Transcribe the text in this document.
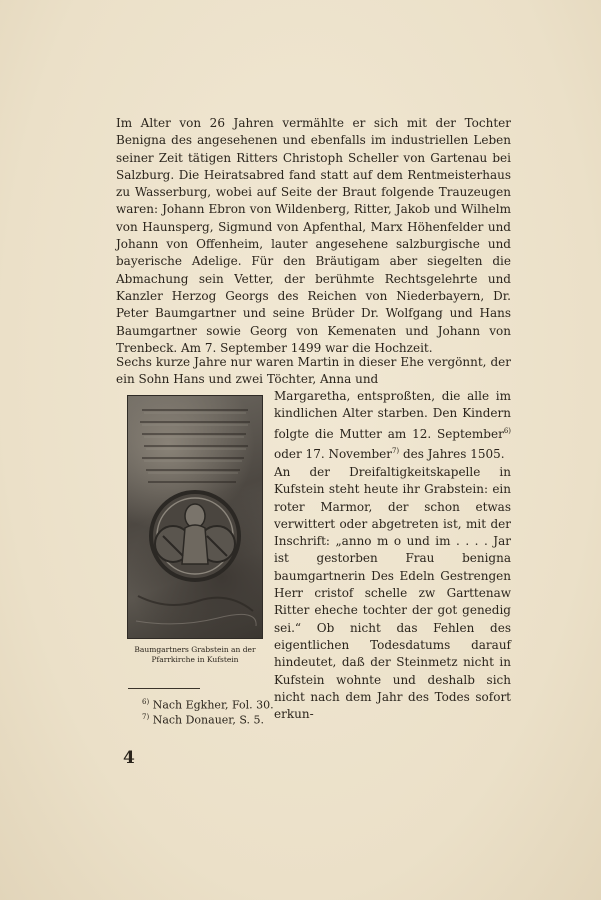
Im Alter von 26 Jahren vermählte er sich mit der Tochter Benigna des angesehenen und ebenfalls im industriellen Leben seiner Zeit tätigen Ritters Christoph Scheller von Gartenau bei Salzburg. Die Heiratsabred fand statt auf dem Rentmeisterhaus zu Wasserburg, wobei auf Seite der Braut folgende Trauzeugen waren: Johann Ebron von Wildenberg, Ritter, Jakob und Wilhelm von Haunsperg, Sigmund von Apfenthal, Marx Höhenfelder und Johann von Offenheim, lauter angesehene salzburgische und bayerische Adelige. Für den Bräutigam aber siegelten die Abmachung sein Vetter, der berühmte Rechtsgelehrte und Kanzler Herzog Georgs des Reichen von Niederbayern, Dr. Peter Baumgartner und seine Brüder Dr. Wolfgang und Hans Baumgartner sowie Georg von Kemenaten und Johann von Trenbeck. Am 7. September 1499 war die Hochzeit.

Sechs kurze Jahre nur waren Martin in dieser Ehe vergönnt, der ein Sohn Hans und zwei Töchter, Anna und

Margaretha, entsproßten, die alle im kindlichen Alter starben. Den Kindern folgte die Mutter am 12. September$^{6)}$ oder 17. November$^{7)}$ des Jahres 1505.

An der Dreifaltigkeitskapelle in Kufstein steht heute ihr Grabstein: ein roter Marmor, der schon etwas verwittert oder abgetreten ist, mit der Inschrift: „anno m o und im . . . . Jar ist gestorben Frau benigna baumgartnerin Des Edeln Gestrengen Herr cristof schelle zw Garttenaw Ritter eheche tochter der got genedig sei.“ Ob nicht das Fehlen des eigentlichen Todesdatums darauf hindeutet, daß der Steinmetz nicht in Kufstein wohnte und deshalb sich nicht nach dem Jahr des Todes sofort erkun-

Baumgartners Grabstein an der Pfarrkirche in Kufstein

$^{6)}$ Nach Egkher, Fol. 30.

$^{7)}$ Nach Donauer, S. 5.

4
